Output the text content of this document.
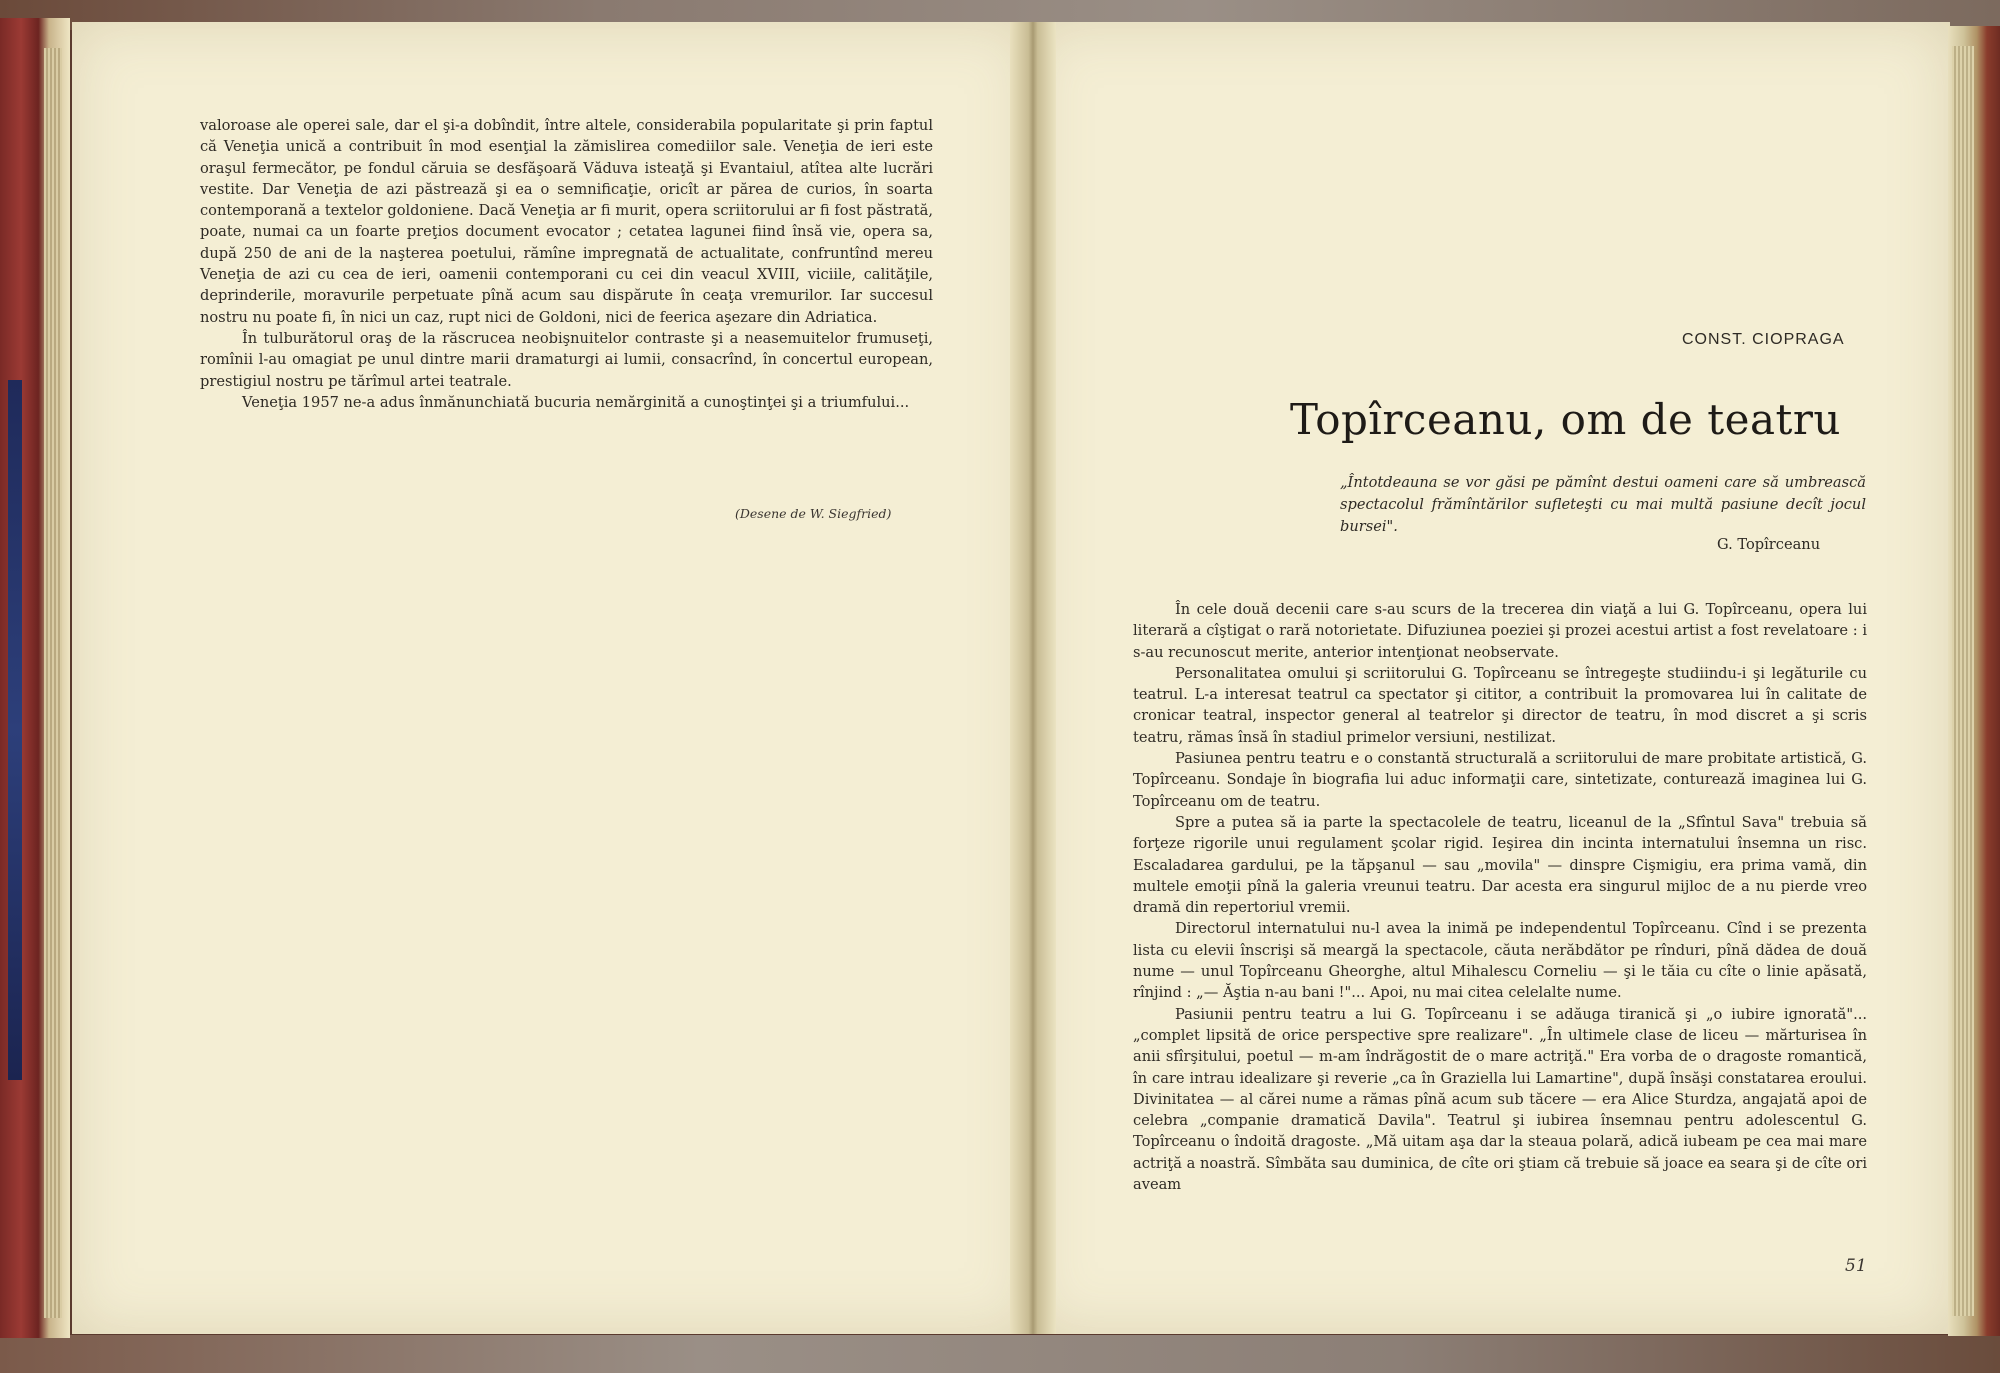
valoroase ale operei sale, dar el şi-a dobîndit, între altele, considerabila popularitate şi prin faptul că Veneţia unică a contribuit în mod esenţial la zămislirea comediilor sale. Veneţia de ieri este oraşul fermecător, pe fondul căruia se desfăşoară Văduva isteaţă şi Evantaiul, atîtea alte lucrări vestite. Dar Veneţia de azi păstrează şi ea o semnificaţie, oricît ar părea de curios, în soarta contemporană a textelor goldoniene. Dacă Veneţia ar fi murit, opera scriitorului ar fi fost păstrată, poate, numai ca un foarte preţios document evocator ; cetatea lagunei fiind însă vie, opera sa, după 250 de ani de la naşterea poetului, rămîne impregnată de actualitate, confruntînd mereu Veneţia de azi cu cea de ieri, oamenii contemporani cu cei din veacul XVIII, viciile, calităţile, deprinderile, moravurile perpetuate pînă acum sau dispărute în ceaţa vremurilor. Iar succesul nostru nu poate fi, în nici un caz, rupt nici de Goldoni, nici de feerica aşezare din Adriatica.

În tulburătorul oraş de la răscrucea neobişnuitelor contraste şi a neasemuitelor frumuseţi, romînii l-au omagiat pe unul dintre marii dramaturgi ai lumii, consacrînd, în concertul european, prestigiul nostru pe tărîmul artei teatrale.

Veneţia 1957 ne-a adus înmănunchiată bucuria nemărginită a cunoştinţei şi a triumfului...

(Desene de W. Siegfried)
CONST. CIOPRAGA
Topîrceanu, om de teatru
„Întotdeauna se vor găsi pe pămînt destui oameni care să umbrească spectacolul frămîntărilor sufleteşti cu mai multă pasiune decît jocul bursei".
G. Topîrceanu

În cele două decenii care s-au scurs de la trecerea din viaţă a lui G. Topîrceanu, opera lui literară a cîştigat o rară notorietate. Difuziunea poeziei şi prozei acestui artist a fost revelatoare : i s-au recunoscut merite, anterior intenţionat neobservate.

Personalitatea omului şi scriitorului G. Topîrceanu se întregeşte studiindu-i şi legăturile cu teatrul. L-a interesat teatrul ca spectator şi cititor, a contribuit la promovarea lui în calitate de cronicar teatral, inspector general al teatrelor şi director de teatru, în mod discret a şi scris teatru, rămas însă în stadiul primelor versiuni, nestilizat.

Pasiunea pentru teatru e o constantă structurală a scriitorului de mare probitate artistică, G. Topîrceanu. Sondaje în biografia lui aduc informaţii care, sintetizate, conturează imaginea lui G. Topîrceanu om de teatru.

Spre a putea să ia parte la spectacolele de teatru, liceanul de la „Sfîntul Sava" trebuia să forţeze rigorile unui regulament şcolar rigid. Ieşirea din incinta internatului însemna un risc. Escaladarea gardului, pe la tăpşanul — sau „movila" — dinspre Cişmigiu, era prima vamă, din multele emoţii pînă la galeria vreunui teatru. Dar acesta era singurul mijloc de a nu pierde vreo dramă din repertoriul vremii.

Directorul internatului nu-l avea la inimă pe independentul Topîrceanu. Cînd i se prezenta lista cu elevii înscrişi să meargă la spectacole, căuta nerăbdător pe rînduri, pînă dădea de două nume — unul Topîrceanu Gheorghe, altul Mihalescu Corneliu — şi le tăia cu cîte o linie apăsată, rînjind : „— Ăştia n-au bani !"... Apoi, nu mai citea celelalte nume.

Pasiunii pentru teatru a lui G. Topîrceanu i se adăuga tiranică şi „o iubire ignorată"... „complet lipsită de orice perspective spre realizare". „În ultimele clase de liceu — mărturisea în anii sfîrşitului, poetul — m-am îndrăgostit de o mare actriţă." Era vorba de o dragoste romantică, în care intrau idealizare şi reverie „ca în Graziella lui Lamartine", după însăşi constatarea eroului. Divinitatea — al cărei nume a rămas pînă acum sub tăcere — era Alice Sturdza, angajată apoi de celebra „companie dramatică Davila". Teatrul şi iubirea însemnau pentru adolescentul G. Topîrceanu o îndoită dragoste. „Mă uitam aşa dar la steaua polară, adică iubeam pe cea mai mare actriţă a noastră. Sîmbăta sau duminica, de cîte ori ştiam că trebuie să joace ea seara şi de cîte ori aveam

51
